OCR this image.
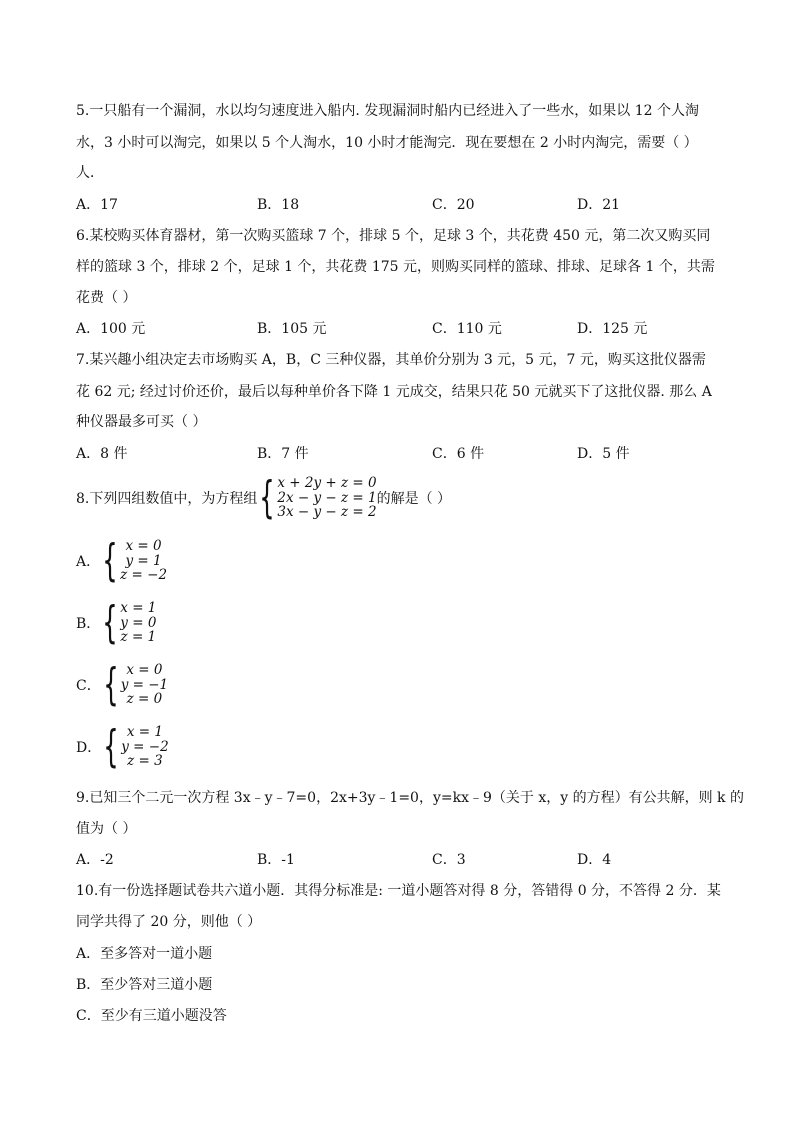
5.一只船有一个漏洞，水以均匀速度进入船内. 发现漏洞时船内已经进入了一些水，如果以 12 个人淘
水，3 小时可以淘完，如果以 5 个人淘水，10 小时才能淘完．现在要想在 2 小时内淘完，需要（ ）
人．
A．17	B．18	C．20	D．21
6.某校购买体育器材，第一次购买篮球 7 个，排球 5 个，足球 3 个，共花费 450 元，第二次又购买同
样的篮球 3 个，排球 2 个，足球 1 个，共花费 175 元，则购买同样的篮球、排球、足球各 1 个，共需
花费（ ）
A．100 元	B．105 元	C．110 元	D．125 元
7.某兴趣小组决定去市场购买 A，B，C 三种仪器，其单价分别为 3 元，5 元，7 元，购买这批仪器需
花 62 元; 经过讨价还价，最后以每种单价各下降 1 元成交，结果只花 50 元就买下了这批仪器. 那么 A
种仪器最多可买（ ）
A．8 件	B．7 件	C．6 件	D．5 件
8.下列四组数值中，为方程组 { x + 2y + z = 0
2x − y − z = 1
3x − y − z = 2
的解是（ ）
A． { x = 0
y = 1
z = −2
B． { x = 1
y = 0
z = 1
C． { x = 0
y = −1
z = 0
D． { x = 1
y = −2
z = 3
9.已知三个二元一次方程 3x﹣y﹣7=0，2x+3y﹣1=0，y=kx﹣9（关于 x，y 的方程）有公共解，则 k 的
值为（ ）
A．-2	B．-1	C．3	D．4
10.有一份选择题试卷共六道小题．其得分标准是: 一道小题答对得 8 分，答错得 0 分，不答得 2 分．某
同学共得了 20 分，则他（ ）
A．至多答对一道小题
B．至少答对三道小题
C．至少有三道小题没答
